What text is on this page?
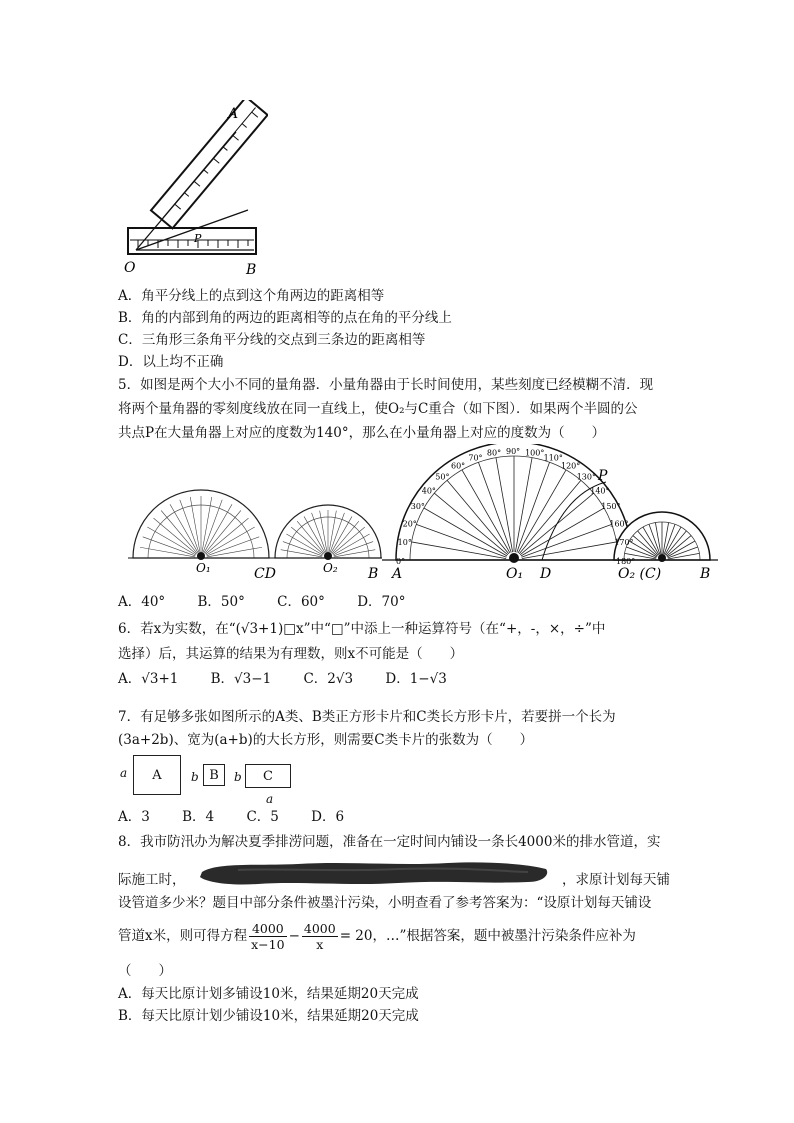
O	B
A
P
A．角平分线上的点到这个角两边的距离相等
B．角的内部到角的两边的距离相等的点在角的平分线上
C．三角形三条角平分线的交点到三条边的距离相等
D．以上均不正确
5．如图是两个大小不同的量角器．小量角器由于长时间使用，某些刻度已经模糊不清．现
将两个量角器的零刻度线放在同一直线上，使O₂与C重合（如下图）．如果两个半圆的公
共点P在大量角器上对应的度数为140°，那么在小量角器上对应的度数为（　　）
O₁	O₂
CD	B
0°
10°
20°
30°
40°
50°
60°
70°
80° 90° 100°
110°
120°
130°
140°
150°
160°
170°
180°
A	O₁ D	O₂ (C)	B
P
A．40° B．50° C．60° D．70°
6．若x为实数，在“(√3+1)□x”中“□”中添上一种运算符号（在“+，-，×，÷”中
选择）后，其运算的结果为有理数，则x不可能是（　　）
A．√3+1 B．√3−1 C．2√3 D．1−√3
7．有足够多张如图所示的A类、B类正方形卡片和C类长方形卡片，若要拼一个长为
(3a+2b)、宽为(a+b)的大长方形，则需要C类卡片的张数为（　　）
a A b B b C
a
A．3 B．4 C．5 D．6
8．我市防汛办为解决夏季排涝问题，准备在一定时间内铺设一条长4000米的排水管道，实
际施工时，	，求原计划每天铺
设管道多少米？题目中部分条件被墨汁污染，小明查看了参考答案为：“设原计划每天铺设
管道x米，则可得方程 $\frac{4000}{x-10} - \frac{4000}{x} = 20$，…”根据答案，题中被墨汁污染条件应补为
（　　）
A．每天比原计划多铺设10米，结果延期20天完成
B．每天比原计划少铺设10米，结果延期20天完成
